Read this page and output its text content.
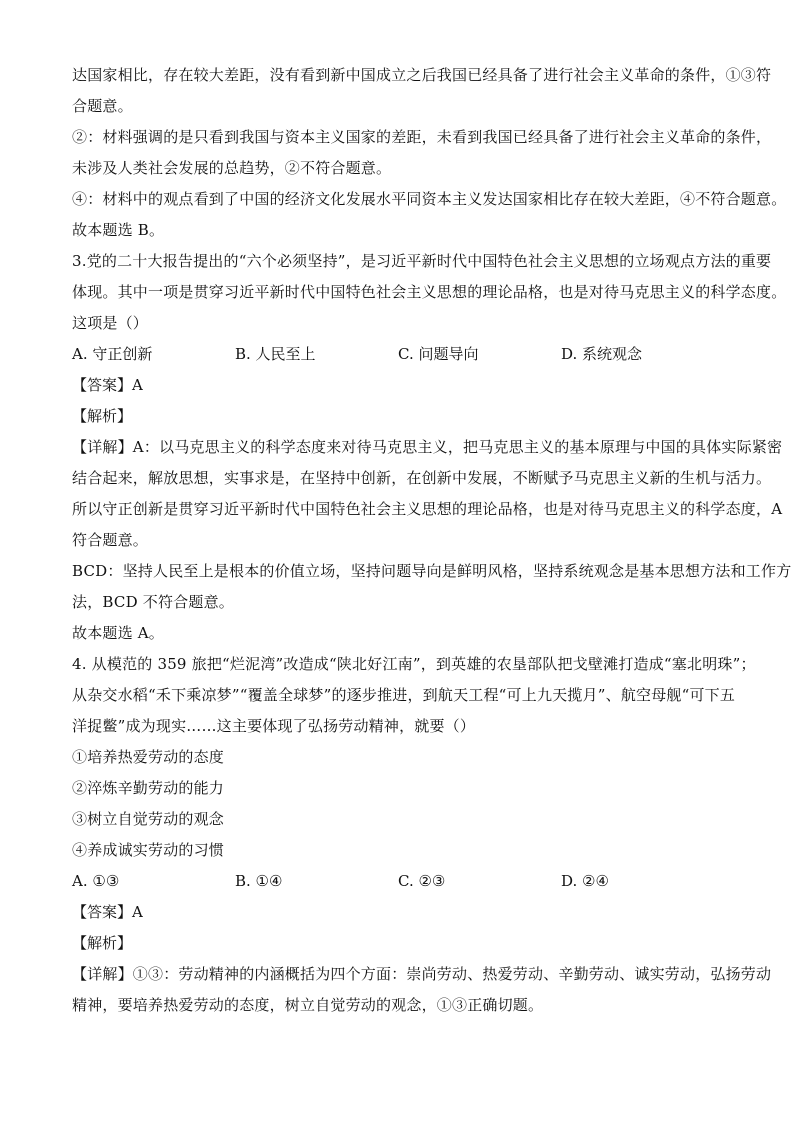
达国家相比，存在较大差距，没有看到新中国成立之后我国已经具备了进行社会主义革命的条件，①③符
合题意。
②：材料强调的是只看到我国与资本主义国家的差距，未看到我国已经具备了进行社会主义革命的条件，
未涉及人类社会发展的总趋势，②不符合题意。
④：材料中的观点看到了中国的经济文化发展水平同资本主义发达国家相比存在较大差距，④不符合题意。
故本题选 B。
3.党的二十大报告提出的“六个必须坚持”，是习近平新时代中国特色社会主义思想的立场观点方法的重要
体现。其中一项是贯穿习近平新时代中国特色社会主义思想的理论品格，也是对待马克思主义的科学态度。
这项是（）
A. 守正创新	B. 人民至上	C. 问题导向	D. 系统观念
【答案】A
【解析】
【详解】A：以马克思主义的科学态度来对待马克思主义，把马克思主义的基本原理与中国的具体实际紧密
结合起来，解放思想，实事求是，在坚持中创新，在创新中发展，不断赋予马克思主义新的生机与活力。
所以守正创新是贯穿习近平新时代中国特色社会主义思想的理论品格，也是对待马克思主义的科学态度，A
符合题意。
BCD：坚持人民至上是根本的价值立场，坚持问题导向是鲜明风格，坚持系统观念是基本思想方法和工作方
法，BCD 不符合题意。
故本题选 A。
4. 从模范的 359 旅把“烂泥湾”改造成“陕北好江南”，到英雄的农垦部队把戈壁滩打造成“塞北明珠”；
从杂交水稻“禾下乘凉梦”“覆盖全球梦”的逐步推进，到航天工程“可上九天揽月”、航空母舰“可下五
洋捉鳖”成为现实……这主要体现了弘扬劳动精神，就要（）
①培养热爱劳动的态度
②淬炼辛勤劳动的能力
③树立自觉劳动的观念
④养成诚实劳动的习惯
A. ①③	B. ①④	C. ②③	D. ②④
【答案】A
【解析】
【详解】①③：劳动精神的内涵概括为四个方面：崇尚劳动、热爱劳动、辛勤劳动、诚实劳动，弘扬劳动
精神，要培养热爱劳动的态度，树立自觉劳动的观念，①③正确切题。
